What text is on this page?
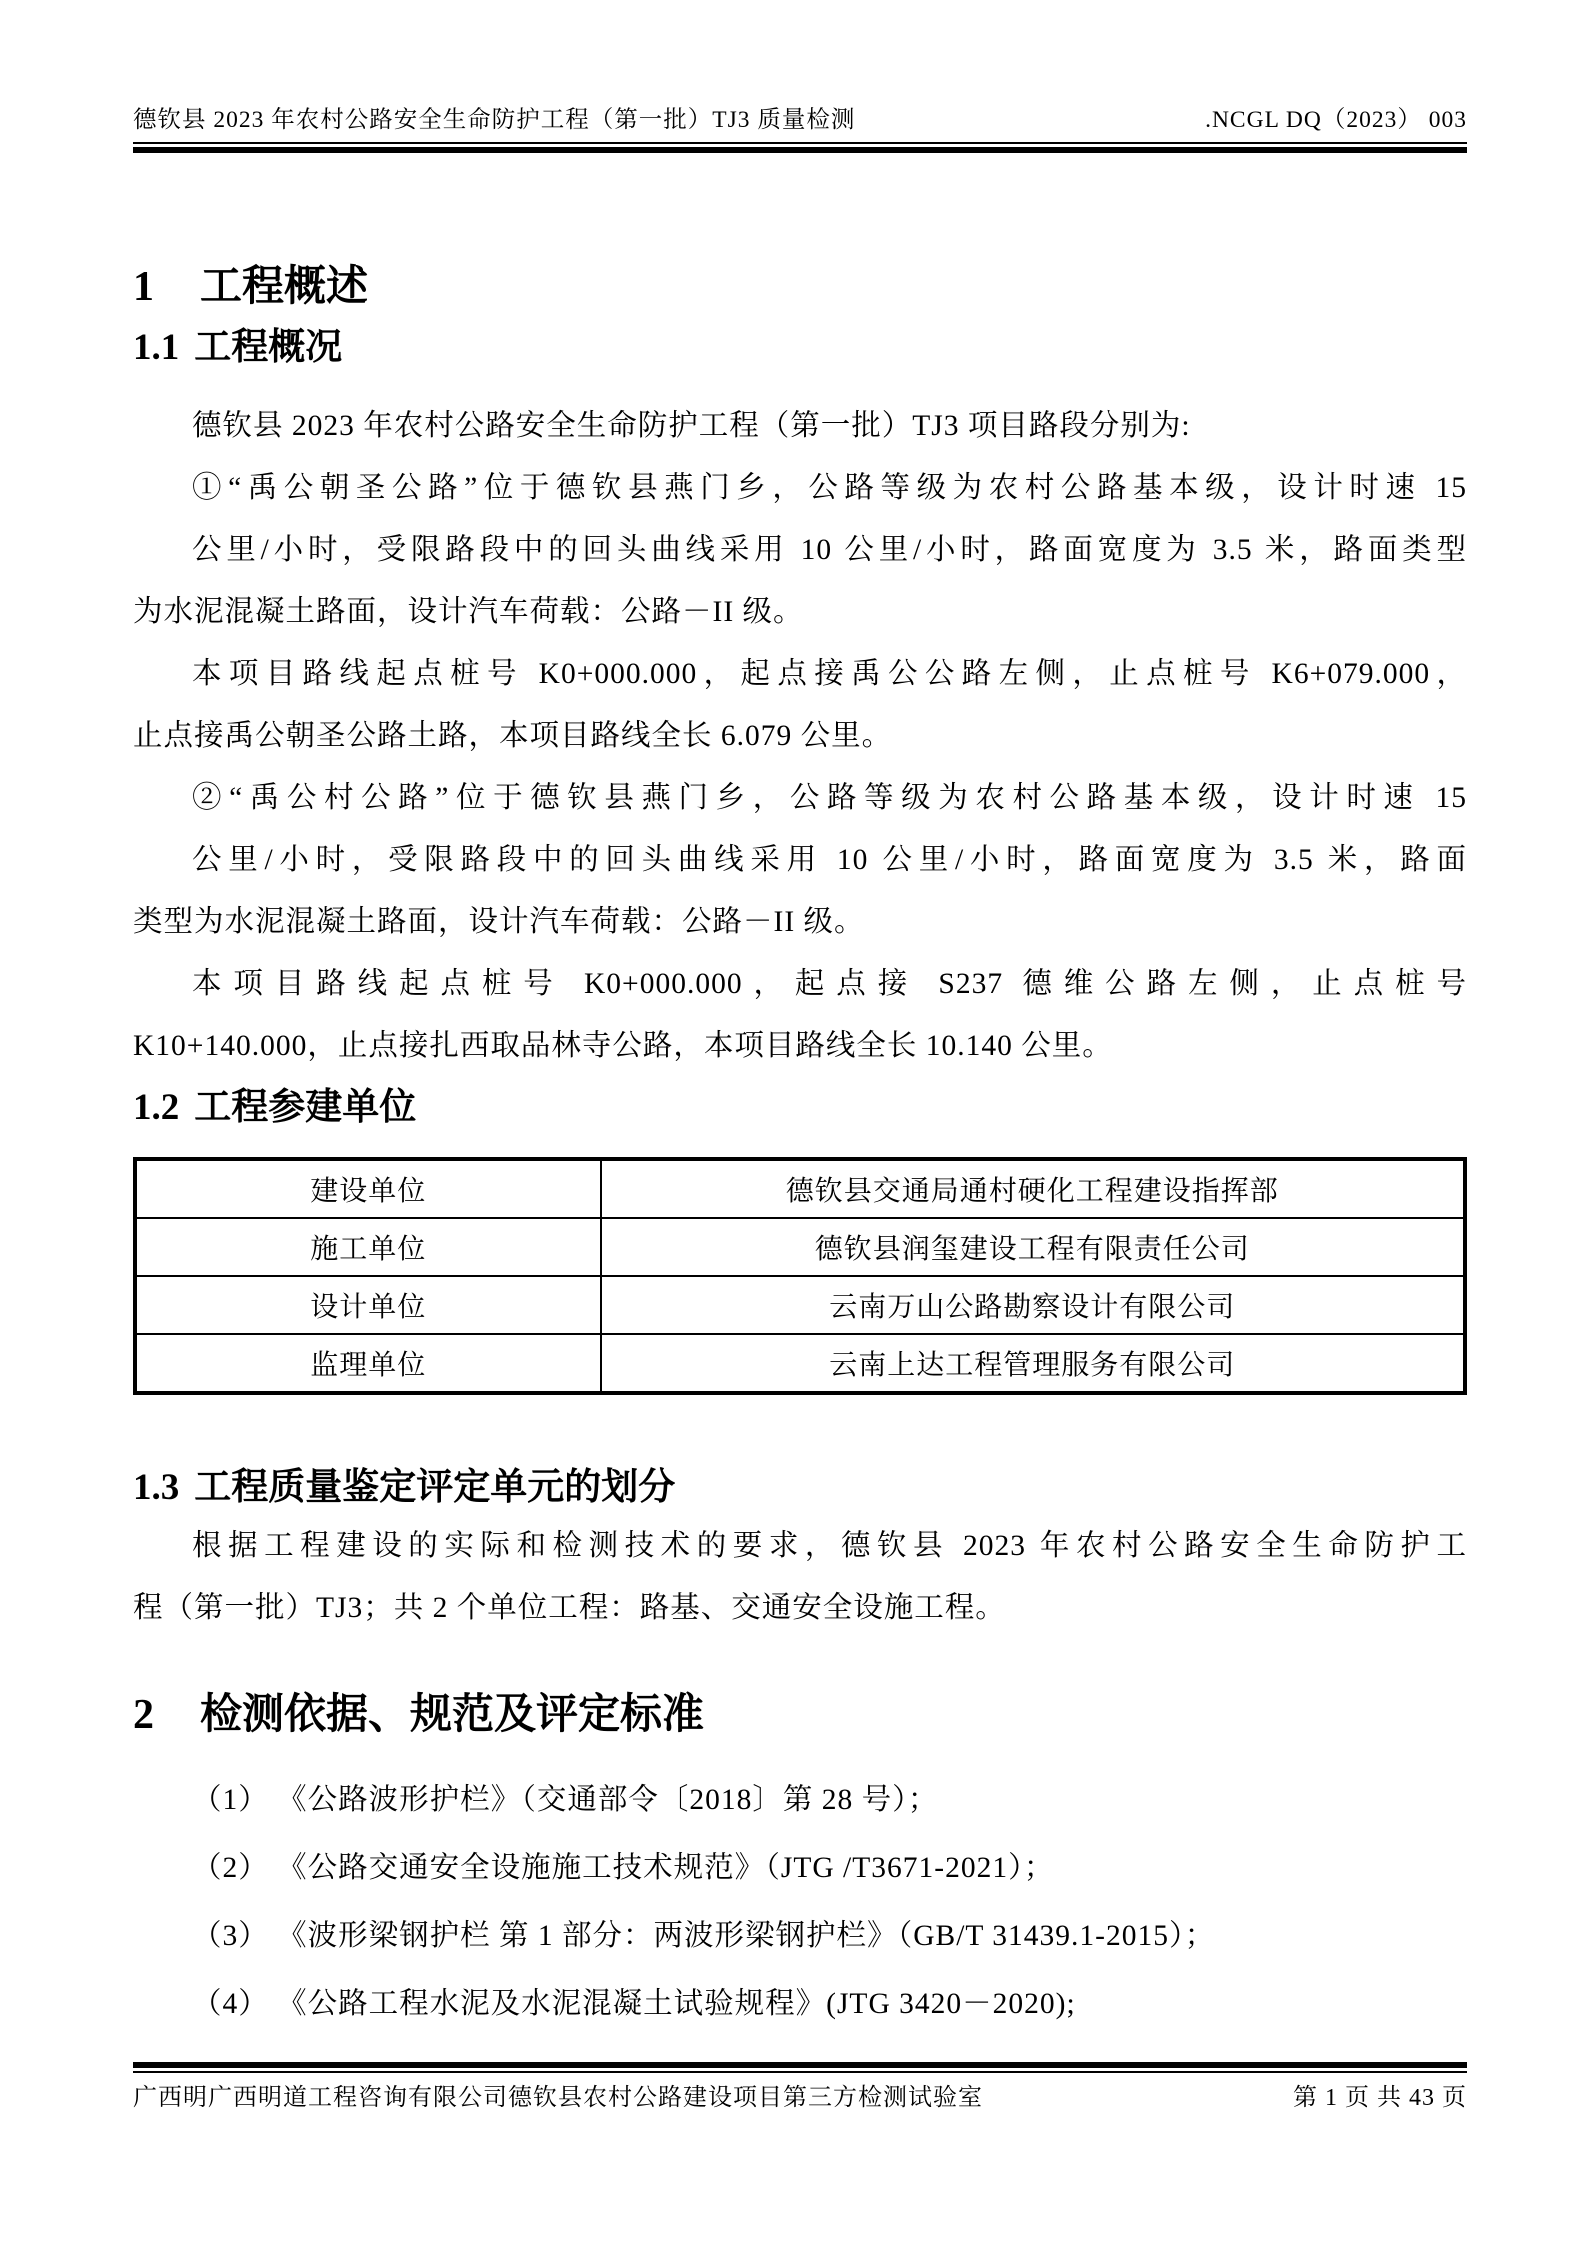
德钦县 2023 年农村公路安全生命防护工程（第一批）TJ3 质量检测	.NCGL DQ（2023） 003
1 工程概述
1.1 工程概况
德钦县 2023 年农村公路安全生命防护工程（第一批）TJ3 项目路段分别为:
①“禹公朝圣公路”位于德钦县燕门乡，公路等级为农村公路基本级，设计时速 15
公里/小时，受限路段中的回头曲线采用 10 公里/小时，路面宽度为 3.5 米，路面类型
为水泥混凝土路面，设计汽车荷载：公路－II 级。
本项目路线起点桩号 K0+000.000，起点接禹公公路左侧，止点桩号 K6+079.000，
止点接禹公朝圣公路土路，本项目路线全长 6.079 公里。
②“禹公村公路”位于德钦县燕门乡，公路等级为农村公路基本级，设计时速 15
公里/小时，受限路段中的回头曲线采用 10 公里/小时，路面宽度为 3.5 米，路面
类型为水泥混凝土路面，设计汽车荷载：公路－II 级。
本项目路线起点桩号 K0+000.000，起点接 S237 德维公路左侧，止点桩号
K10+140.000，止点接扎西取品林寺公路，本项目路线全长 10.140 公里。
1.2 工程参建单位
建设单位	德钦县交通局通村硬化工程建设指挥部
施工单位	德钦县润玺建设工程有限责任公司
设计单位	云南万山公路勘察设计有限公司
监理单位	云南上达工程管理服务有限公司
1.3 工程质量鉴定评定单元的划分
根据工程建设的实际和检测技术的要求，德钦县 2023 年农村公路安全生命防护工
程（第一批）TJ3；共 2 个单位工程：路基、交通安全设施工程。
2 检测依据、规范及评定标准
（1） 《公路波形护栏》（交通部令〔2018〕第 28 号）；
（2） 《公路交通安全设施施工技术规范》（JTG /T3671-2021）；
（3） 《波形梁钢护栏 第 1 部分：两波形梁钢护栏》（GB/T 31439.1-2015）；
（4） 《公路工程水泥及水泥混凝土试验规程》(JTG 3420－2020);
广西明广西明道工程咨询有限公司德钦县农村公路建设项目第三方检测试验室	第 1 页 共 43 页
